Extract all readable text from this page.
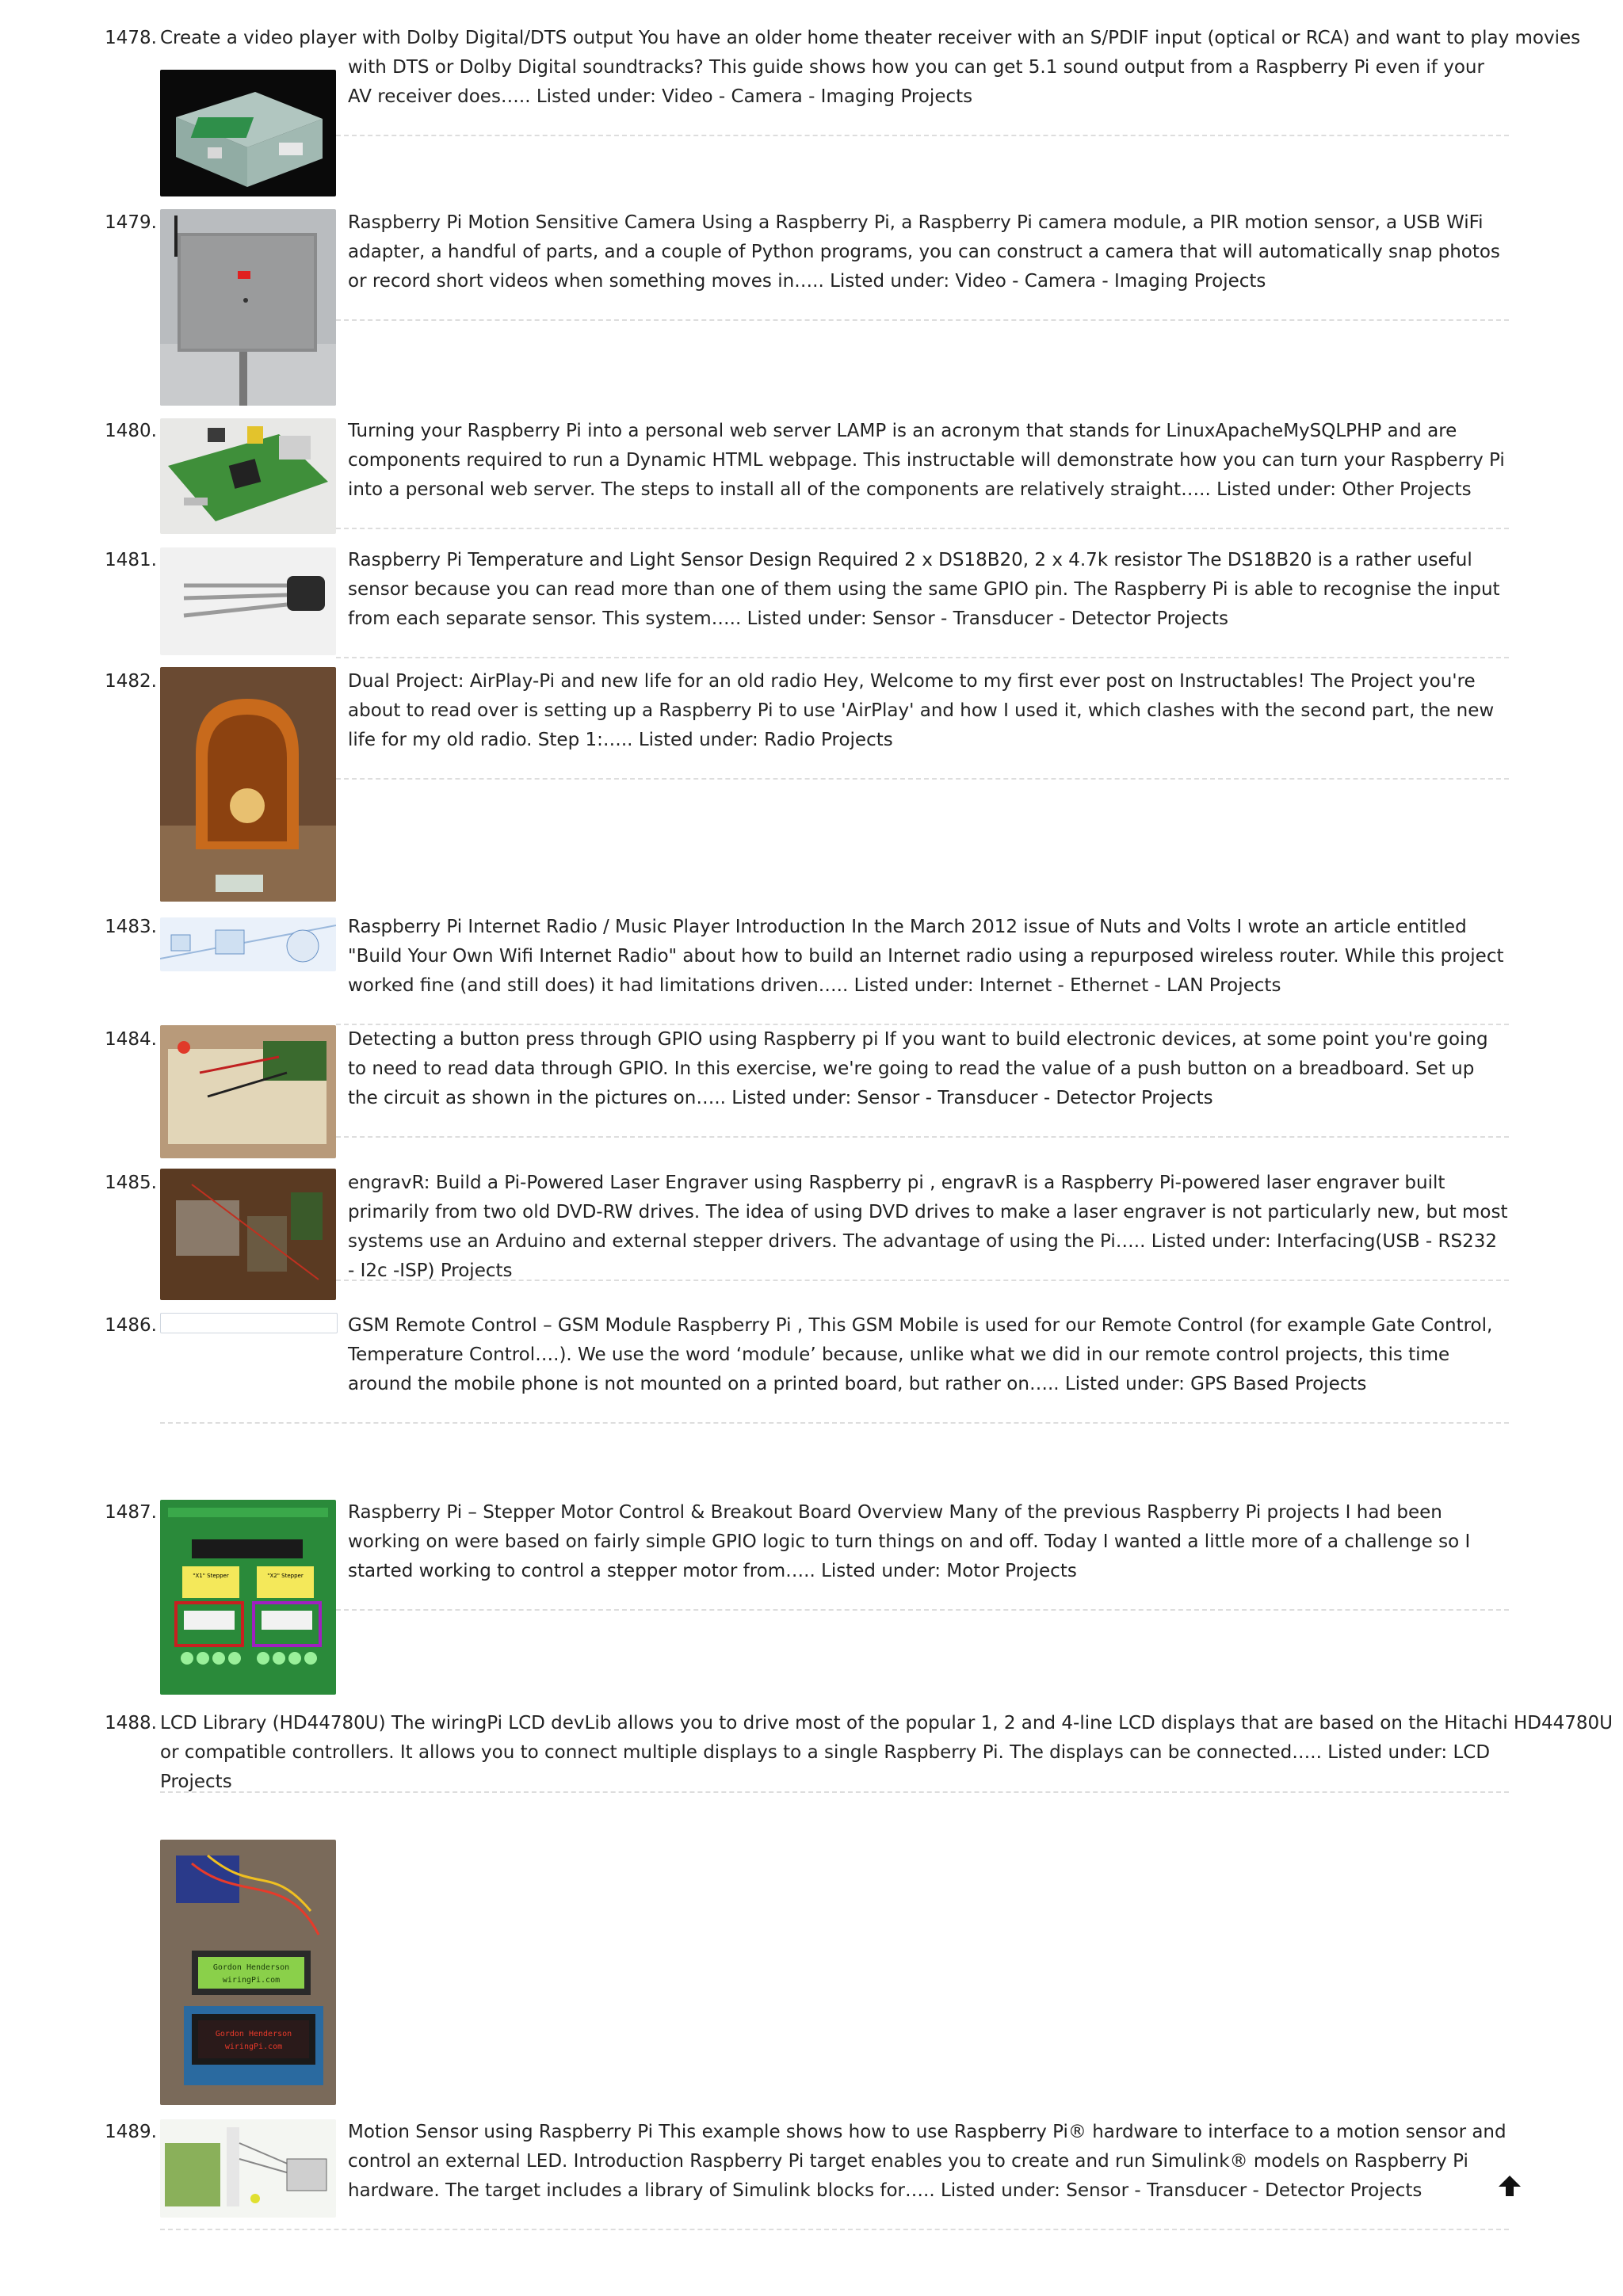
1478. Create a video player with Dolby Digital/DTS output You have an older home theater receiver with an S/PDIF input (optical or RCA) and want to play movies
with DTS or Dolby Digital soundtracks? This guide shows how you can get 5.1 sound output from a Raspberry Pi even if your AV receiver does….. Listed under: Video - Camera - Imaging Projects
1479.	Raspberry Pi Motion Sensitive Camera Using a Raspberry Pi, a Raspberry Pi camera module, a PIR motion sensor, a USB WiFi adapter, a handful of parts, and a couple of Python programs, you can construct a camera that will automatically snap photos or record short videos when something moves in….. Listed under: Video - Camera - Imaging Projects
1480.	Turning your Raspberry Pi into a personal web server LAMP is an acronym that stands for LinuxApacheMySQLPHP and are components required to run a Dynamic HTML webpage. This instructable will demonstrate how you can turn your Raspberry Pi into a personal web server. The steps to install all of the components are relatively straight….. Listed under: Other Projects
1481.	Raspberry Pi Temperature and Light Sensor Design Required 2 x DS18B20, 2 x 4.7k resistor The DS18B20 is a rather useful sensor because you can read more than one of them using the same GPIO pin. The Raspberry Pi is able to recognise the input from each separate sensor. This system….. Listed under: Sensor - Transducer - Detector Projects
1482.	Dual Project: AirPlay-Pi and new life for an old radio Hey, Welcome to my first ever post on Instructables! The Project you're about to read over is setting up a Raspberry Pi to use 'AirPlay' and how I used it, which clashes with the second part, the new life for my old radio. Step 1:….. Listed under: Radio Projects
1483.	Raspberry Pi Internet Radio / Music Player Introduction In the March 2012 issue of Nuts and Volts I wrote an article entitled "Build Your Own Wifi Internet Radio" about how to build an Internet radio using a repurposed wireless router. While this project worked fine (and still does) it had limitations driven….. Listed under: Internet - Ethernet - LAN Projects
1484.	Detecting a button press through GPIO using Raspberry pi If you want to build electronic devices, at some point you're going to need to read data through GPIO. In this exercise, we're going to read the value of a push button on a breadboard. Set up the circuit as shown in the pictures on….. Listed under: Sensor - Transducer - Detector Projects
1485.	engravR: Build a Pi-Powered Laser Engraver using Raspberry pi , engravR is a Raspberry Pi-powered laser engraver built primarily from two old DVD-RW drives. The idea of using DVD drives to make a laser engraver is not particularly new, but most systems use an Arduino and external stepper drivers. The advantage of using the Pi….. Listed under: Interfacing(USB - RS232 - I2c -ISP) Projects
1486.	GSM Remote Control – GSM Module Raspberry Pi , This GSM Mobile is used for our Remote Control (for example Gate Control, Temperature Control….). We use the word ‘module’ because, unlike what we did in our remote control projects, this time around the mobile phone is not mounted on a printed board, but rather on….. Listed under: GPS Based Projects
1487.	Raspberry Pi – Stepper Motor Control & Breakout Board Overview Many of the previous Raspberry Pi projects I had been working on were based on fairly simple GPIO logic to turn things on and off. Today I wanted a little more of a challenge so I started working to control a stepper motor from….. Listed under: Motor Projects
"X1" Stepper	"X2" Stepper
1488. LCD Library (HD44780U) The wiringPi LCD devLib allows you to drive most of the popular 1, 2 and 4-line LCD displays that are based on the Hitachi HD44780U
or compatible controllers. It allows you to connect multiple displays to a single Raspberry Pi. The displays can be connected….. Listed under: LCD Projects
Gordon Henderson
wiringPi.com
Gordon Henderson
wiringPi.com
1489.	Motion Sensor using Raspberry Pi This example shows how to use Raspberry Pi® hardware to interface to a motion sensor and control an external LED. Introduction Raspberry Pi target enables you to create and run Simulink® models on Raspberry Pi hardware. The target includes a library of Simulink blocks for….. Listed under: Sensor - Transducer - Detector Projects
